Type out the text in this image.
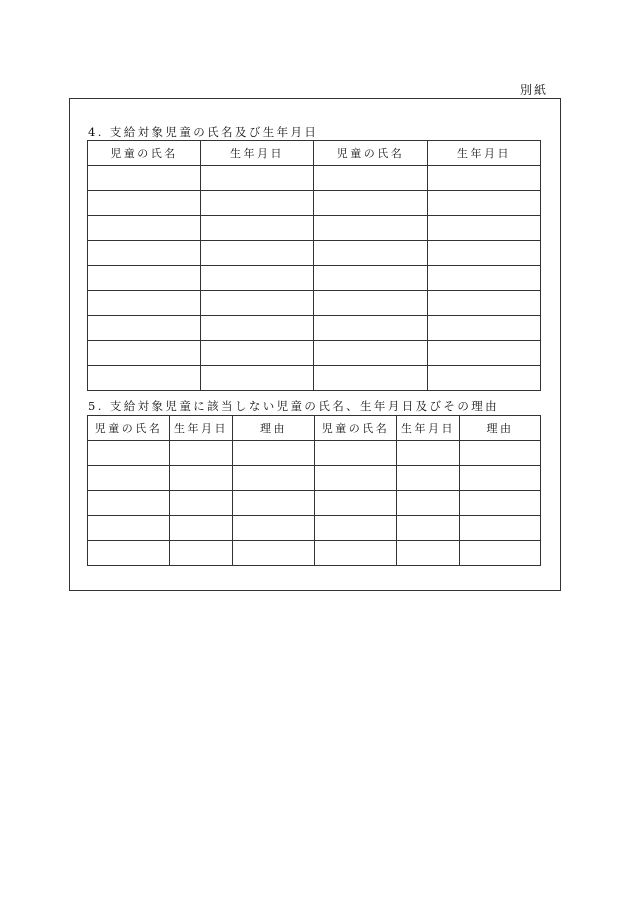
別紙
4. 支給対象児童の氏名及び生年月日
児童の氏名	生年月日	児童の氏名	生年月日

5. 支給対象児童に該当しない児童の氏名、生年月日及びその理由
児童の氏名	生年月日	理由	児童の氏名	生年月日	理由
